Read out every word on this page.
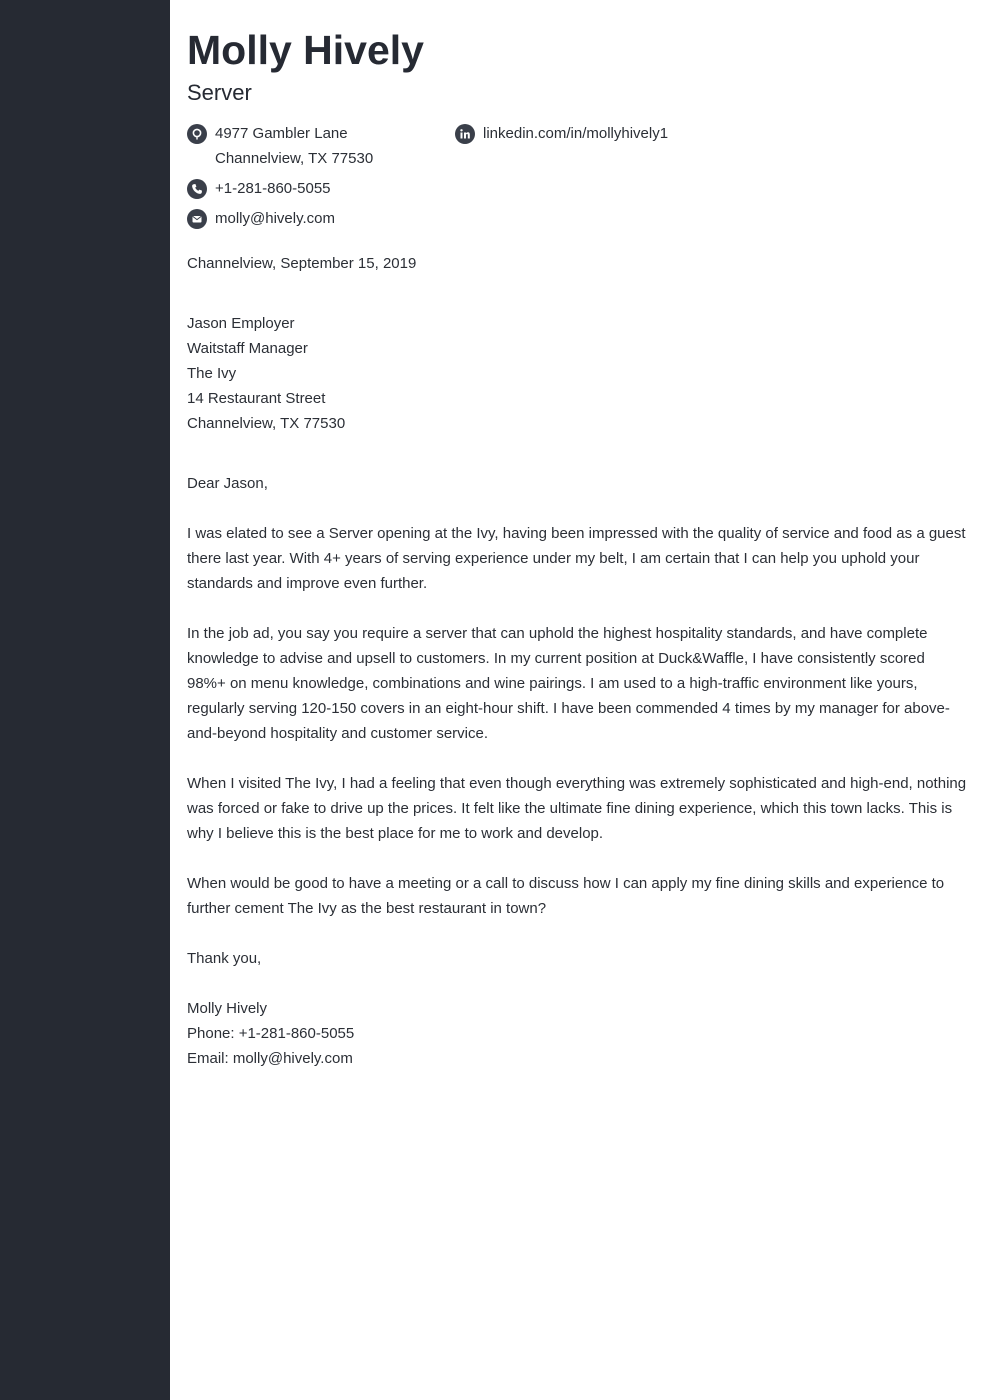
Molly Hively
Server
4977 Gambler Lane
Channelview, TX 77530
linkedin.com/in/mollyhively1
+1-281-860-5055
molly@hively.com
Channelview, September 15, 2019
Jason Employer
Waitstaff Manager
The Ivy
14 Restaurant Street
Channelview, TX 77530
Dear Jason,

I was elated to see a Server opening at the Ivy, having been impressed with the quality of service and food as a guest there last year. With 4+ years of serving experience under my belt, I am certain that I can help you uphold your standards and improve even further.

In the job ad, you say you require a server that can uphold the highest hospitality standards, and have complete knowledge to advise and upsell to customers. In my current position at Duck&Waffle, I have consistently scored 98%+ on menu knowledge, combinations and wine pairings. I am used to a high-traffic environment like yours, regularly serving 120-150 covers in an eight-hour shift. I have been commended 4 times by my manager for above-and-beyond hospitality and customer service.

When I visited The Ivy, I had a feeling that even though everything was extremely sophisticated and high-end, nothing was forced or fake to drive up the prices. It felt like the ultimate fine dining experience, which this town lacks. This is why I believe this is the best place for me to work and develop.

When would be good to have a meeting or a call to discuss how I can apply my fine dining skills and experience to further cement The Ivy as the best restaurant in town?

Thank you,
Molly Hively
Phone: +1-281-860-5055
Email: molly@hively.com
